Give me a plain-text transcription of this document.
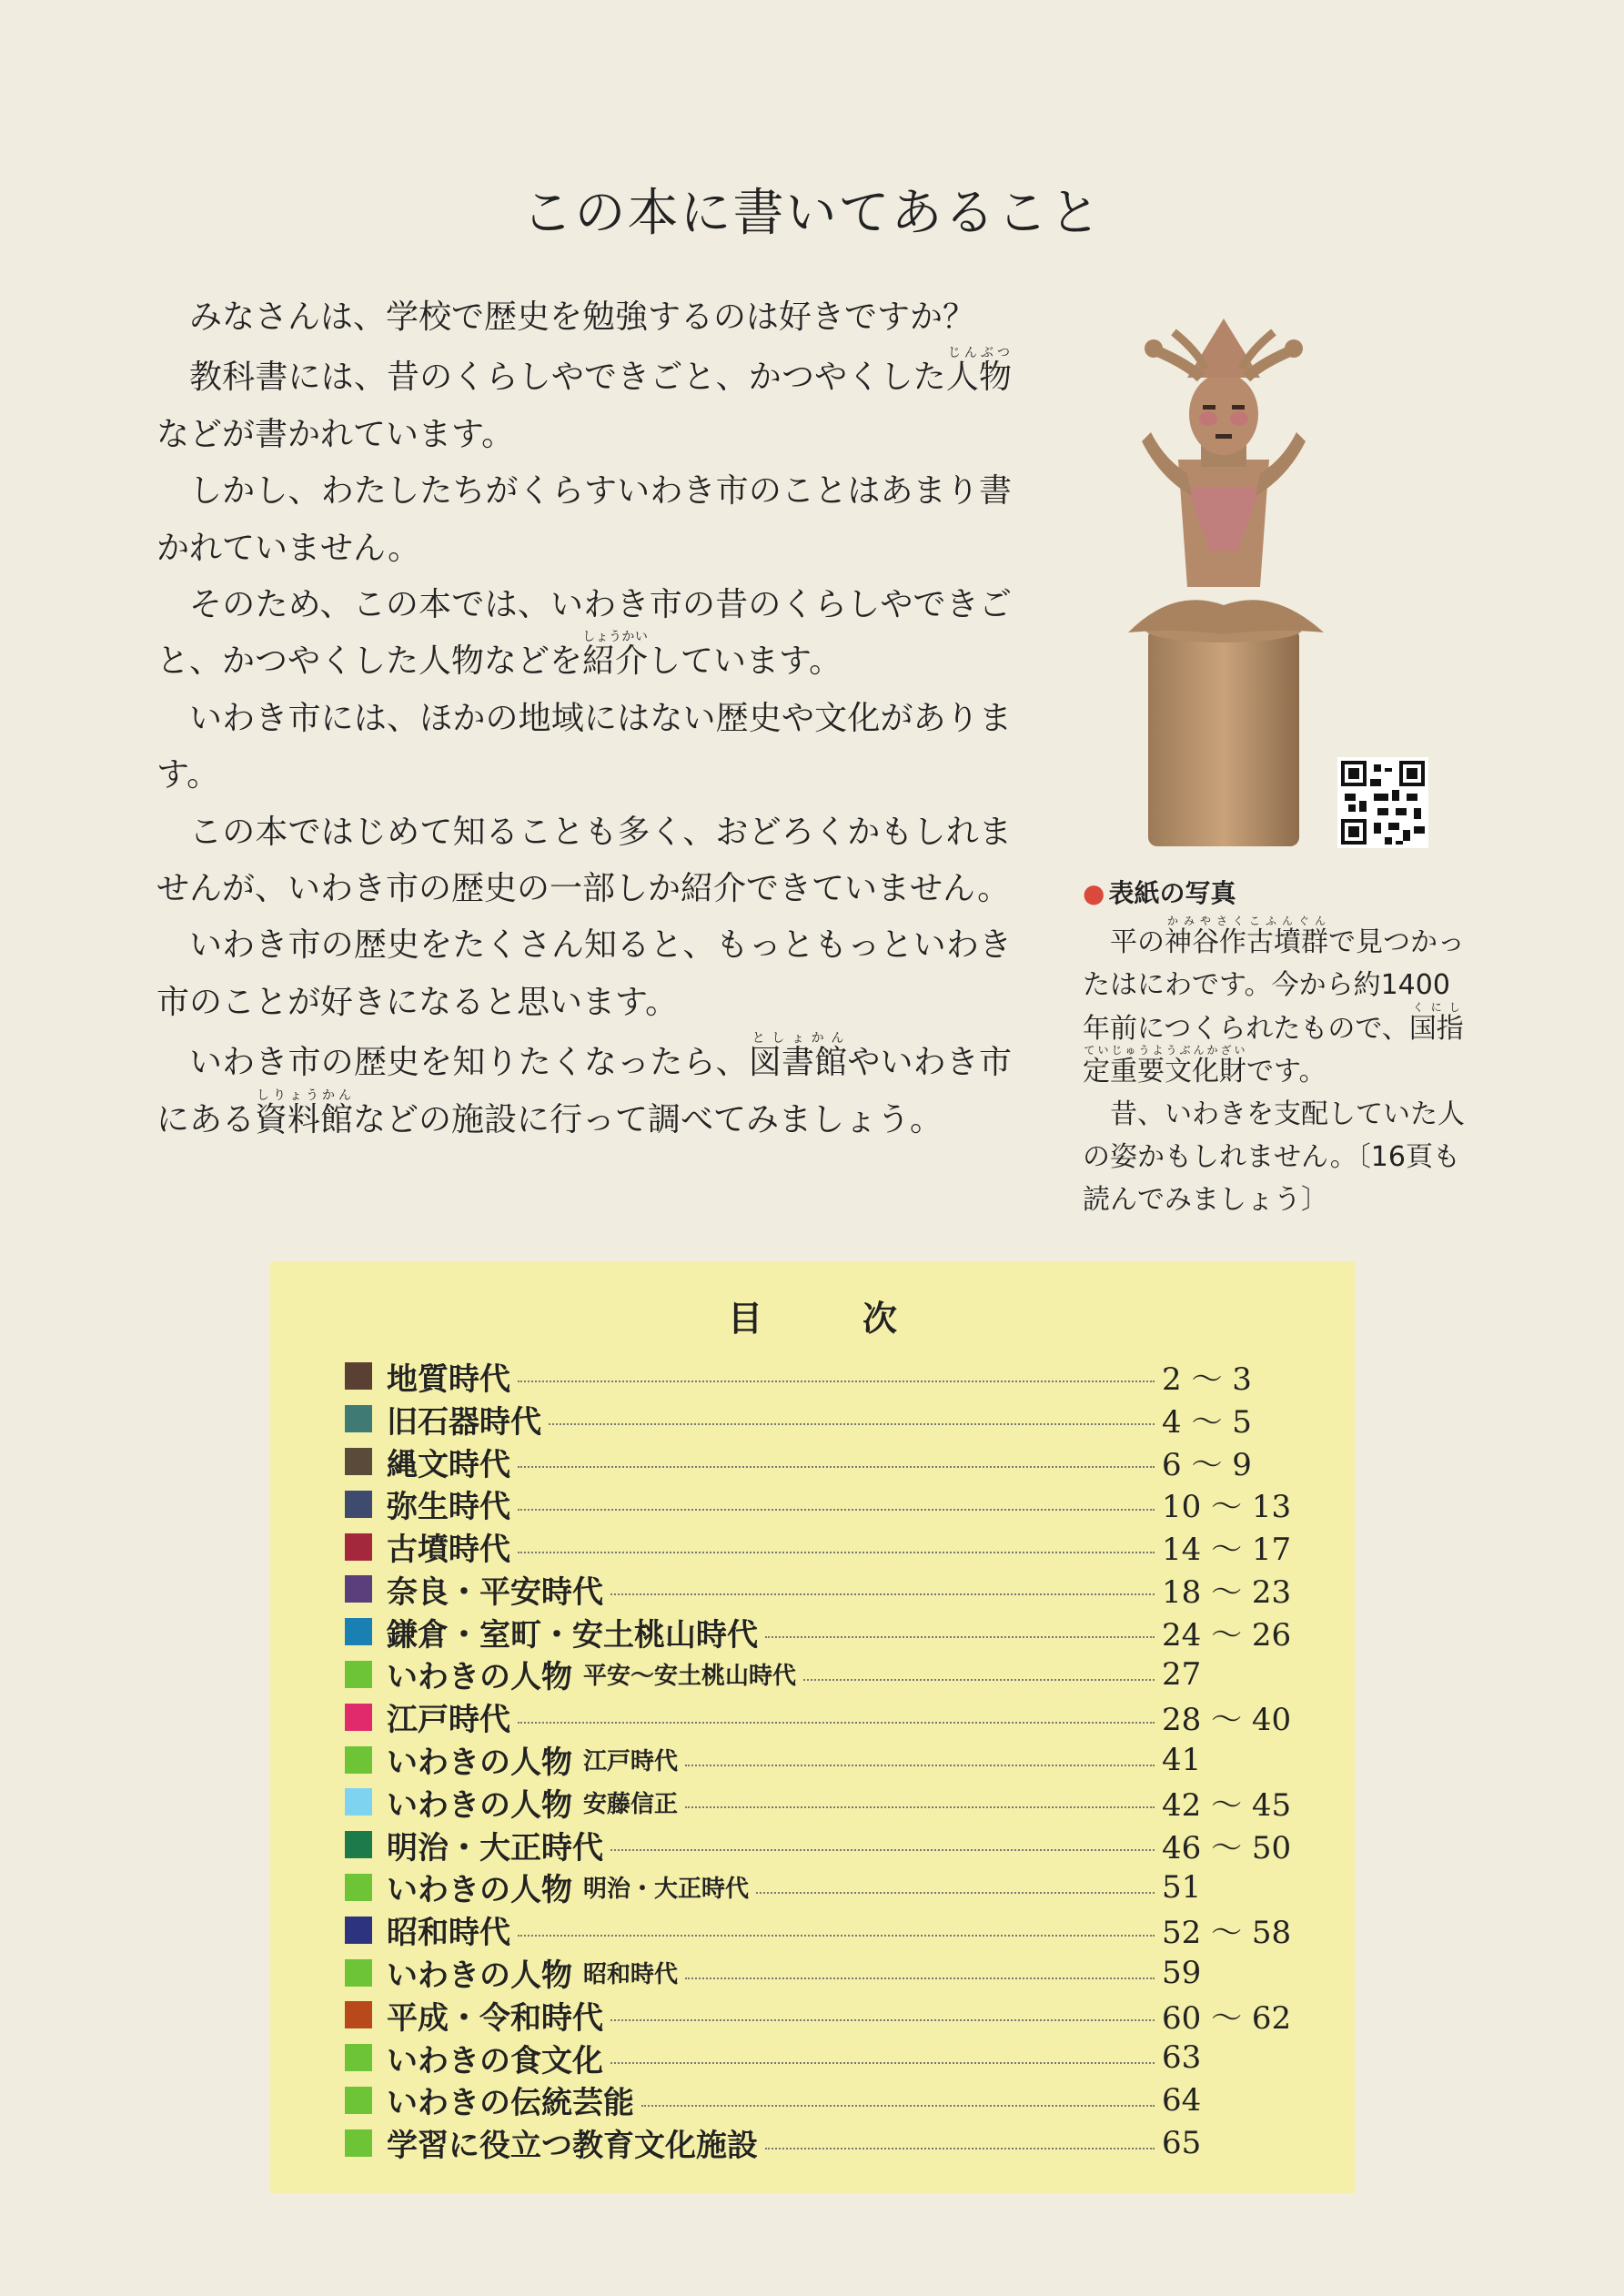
この本に書いてあること

みなさんは、学校で歴史を勉強するのは好きですか？

教科書には、昔のくらしやできごと、かつやくした人物じんぶつなどが書かれています。

しかし、わたしたちがくらすいわき市のことはあまり書かれていません。

そのため、この本では、いわき市の昔のくらしやできごと、かつやくした人物などを紹介しょうかいしています。

いわき市には、ほかの地域にはない歴史や文化があります。

この本ではじめて知ることも多く、おどろくかもしれませんが、いわき市の歴史の一部しか紹介できていません。

いわき市の歴史をたくさん知ると、もっともっといわき市のことが好きになると思います。

いわき市の歴史を知りたくなったら、図書館としょかんやいわき市にある資料館しりょうかんなどの施設に行って調べてみましょう。

● 表紙の写真

平の神谷作古墳群かみやさくこふんぐんで見つかったはにわです。今から約1400年前につくられたもので、国指定重要文化財くにしていじゅうようぶんかざいです。

昔、いわきを支配していた人の姿かもしれません。〔16頁も読んでみましょう〕

目次
地質時代	2 ～ 3
旧石器時代	4 ～ 5
縄文時代	6 ～ 9
弥生時代	10 ～ 13
古墳時代	14 ～ 17
奈良・平安時代	18 ～ 23
鎌倉・室町・安土桃山時代	24 ～ 26
いわきの人物 平安～安土桃山時代	27
江戸時代	28 ～ 40
いわきの人物 江戸時代	41
いわきの人物 安藤信正	42 ～ 45
明治・大正時代	46 ～ 50
いわきの人物 明治・大正時代	51
昭和時代	52 ～ 58
いわきの人物 昭和時代	59
平成・令和時代	60 ～ 62
いわきの食文化	63
いわきの伝統芸能	64
学習に役立つ教育文化施設	65
